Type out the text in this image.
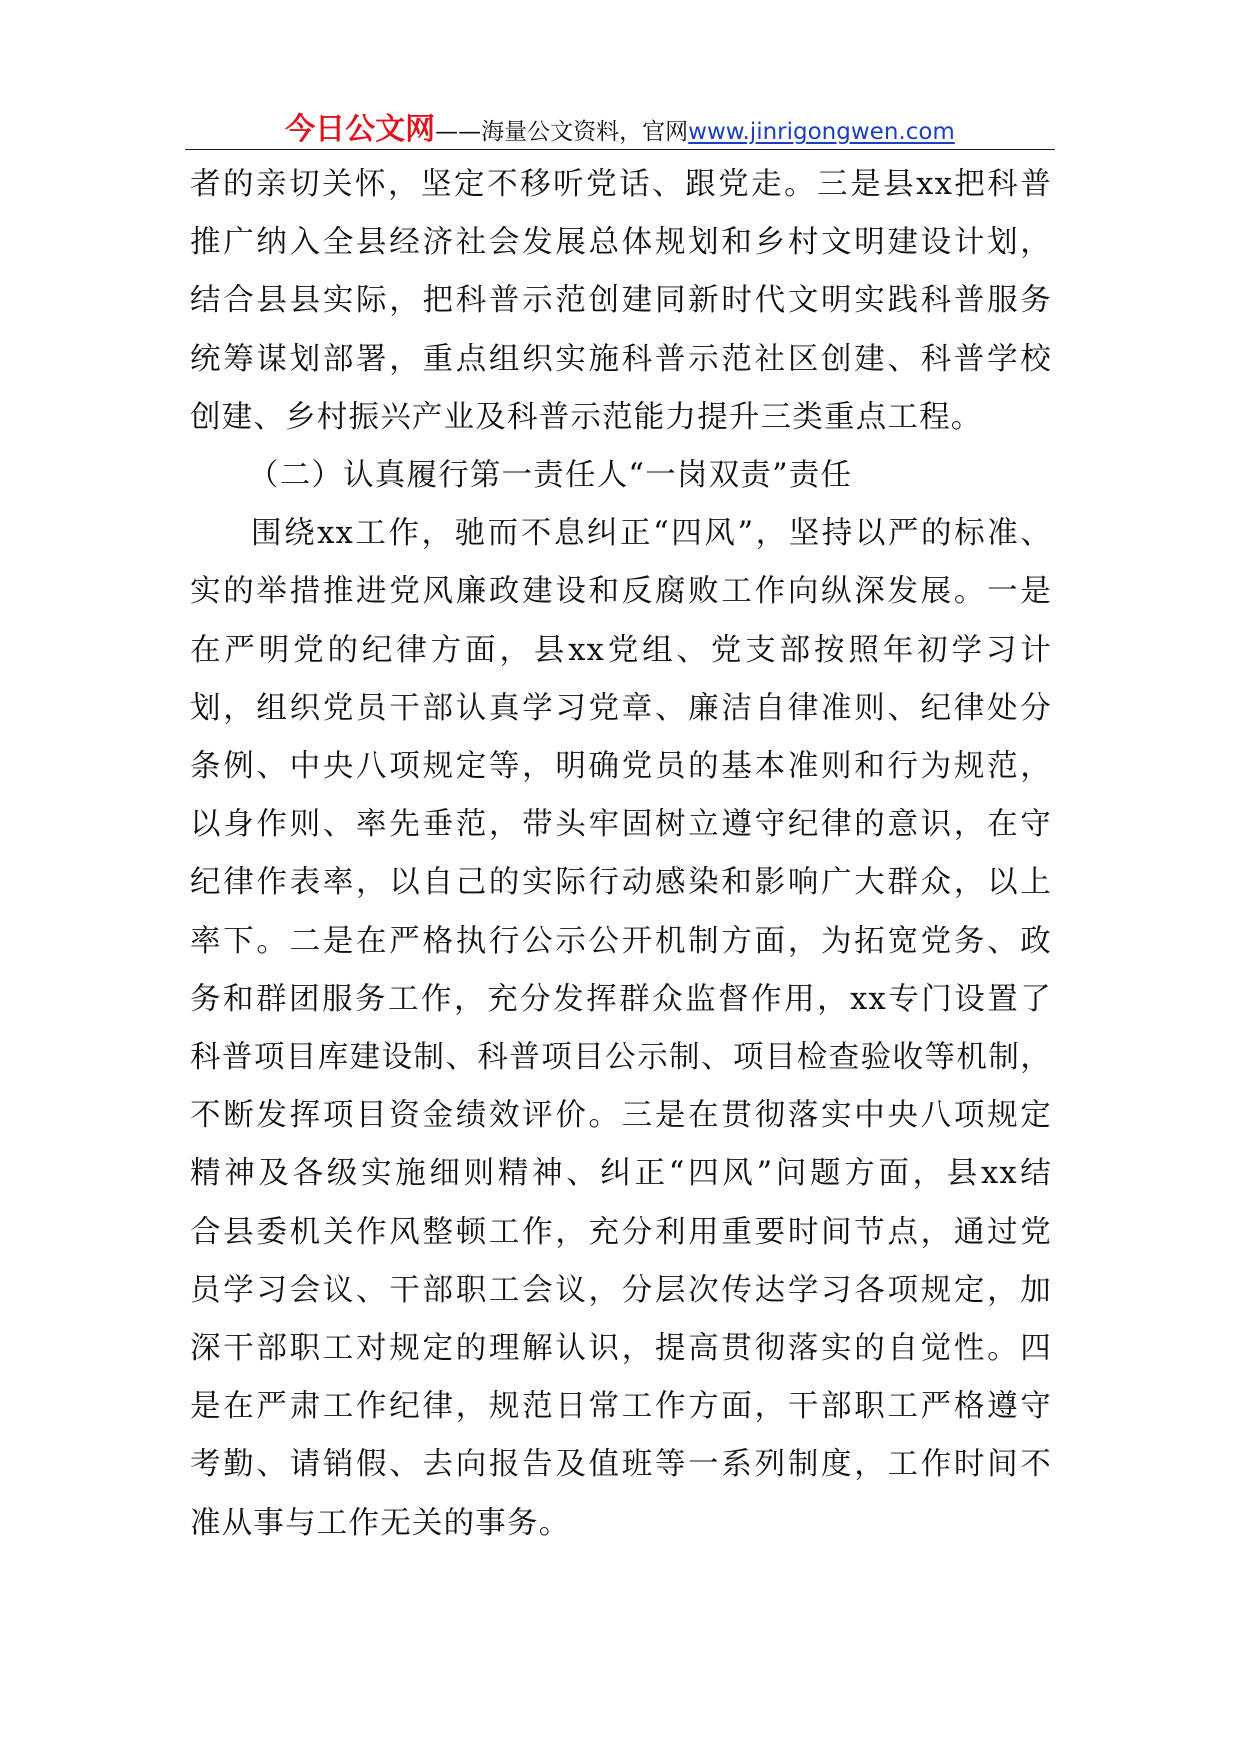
今日公文网——海量公文资料，官网www.jinrigongwen.com

者的亲切关怀，坚定不移听党话、跟党走。三是县xx把科普
推广纳入全县经济社会发展总体规划和乡村文明建设计划，
结合县县实际，把科普示范创建同新时代文明实践科普服务
统筹谋划部署，重点组织实施科普示范社区创建、科普学校
创建、乡村振兴产业及科普示范能力提升三类重点工程。

（二）认真履行第一责任人“一岗双责”责任

围绕xx工作，驰而不息纠正“四风”，坚持以严的标准、
实的举措推进党风廉政建设和反腐败工作向纵深发展。一是
在严明党的纪律方面，县xx党组、党支部按照年初学习计
划，组织党员干部认真学习党章、廉洁自律准则、纪律处分
条例、中央八项规定等，明确党员的基本准则和行为规范，
以身作则、率先垂范，带头牢固树立遵守纪律的意识，在守
纪律作表率，以自己的实际行动感染和影响广大群众，以上
率下。二是在严格执行公示公开机制方面，为拓宽党务、政
务和群团服务工作，充分发挥群众监督作用，xx专门设置了
科普项目库建设制、科普项目公示制、项目检查验收等机制，
不断发挥项目资金绩效评价。三是在贯彻落实中央八项规定
精神及各级实施细则精神、纠正“四风”问题方面，县xx结
合县委机关作风整顿工作，充分利用重要时间节点，通过党
员学习会议、干部职工会议，分层次传达学习各项规定，加
深干部职工对规定的理解认识，提高贯彻落实的自觉性。四
是在严肃工作纪律，规范日常工作方面，干部职工严格遵守
考勤、请销假、去向报告及值班等一系列制度，工作时间不
准从事与工作无关的事务。
